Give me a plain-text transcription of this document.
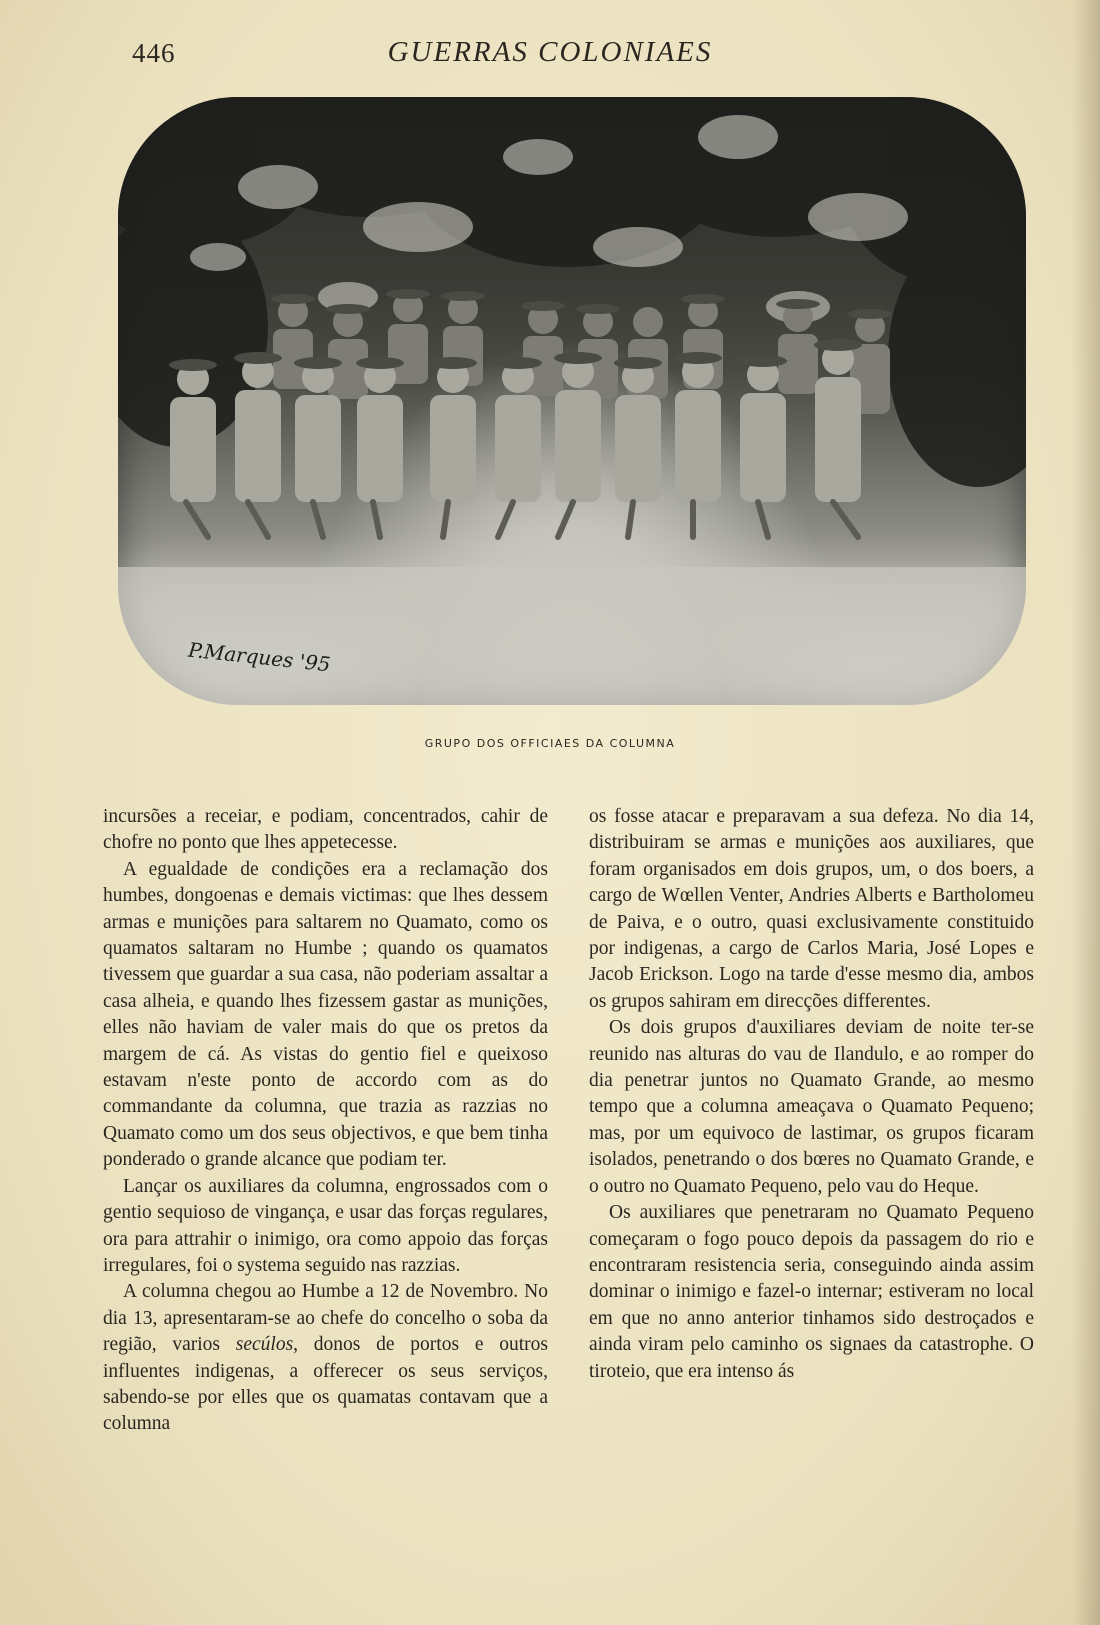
446	GUERRAS COLONIAES
P.Marques '95
GRUPO DOS OFFICIAES DA COLUMNA

incursões a receiar, e podiam, concentrados, cahir de chofre no ponto que lhes appetecesse.

A egualdade de condições era a reclamação dos humbes, dongoenas e demais victimas: que lhes dessem armas e munições para saltarem no Quamato, como os quamatos saltaram no Humbe ; quando os quamatos tivessem que guardar a sua casa, não poderiam assaltar a casa alheia, e quando lhes fizessem gastar as munições, elles não haviam de valer mais do que os pretos da margem de cá. As vistas do gentio fiel e queixoso estavam n'este ponto de accordo com as do commandante da columna, que trazia as razzias no Quamato como um dos seus objectivos, e que bem tinha ponderado o grande alcance que podiam ter.

Lançar os auxiliares da columna, engrossados com o gentio sequioso de vingança, e usar das forças regulares, ora para attrahir o inimigo, ora como appoio das forças irregulares, foi o systema seguido nas razzias.

A columna chegou ao Humbe a 12 de Novembro. No dia 13, apresentaram-se ao chefe do concelho o soba da região, varios secúlos, donos de portos e outros influentes indigenas, a offerecer os seus serviços, sabendo-se por elles que os quamatas contavam que a columna

os fosse atacar e preparavam a sua defeza. No dia 14, distribuiram se armas e munições aos auxiliares, que foram organisados em dois grupos, um, o dos boers, a cargo de Wœllen Venter, Andries Alberts e Bartholomeu de Paiva, e o outro, quasi exclusivamente constituido por indigenas, a cargo de Carlos Maria, José Lopes e Jacob Erickson. Logo na tarde d'esse mesmo dia, ambos os grupos sahiram em direcções differentes.

Os dois grupos d'auxiliares deviam de noite ter-se reunido nas alturas do vau de Ilandulo, e ao romper do dia penetrar juntos no Quamato Grande, ao mesmo tempo que a columna ameaçava o Quamato Pequeno; mas, por um equivoco de lastimar, os grupos ficaram isolados, penetrando o dos bœres no Quamato Grande, e o outro no Quamato Pequeno, pelo vau do Heque.

Os auxiliares que penetraram no Quamato Pequeno começaram o fogo pouco depois da passagem do rio e encontraram resistencia seria, conseguindo ainda assim dominar o inimigo e fazel-o internar; estiveram no local em que no anno anterior tinhamos sido destroçados e ainda viram pelo caminho os signaes da catastrophe. O tiroteio, que era intenso ás
